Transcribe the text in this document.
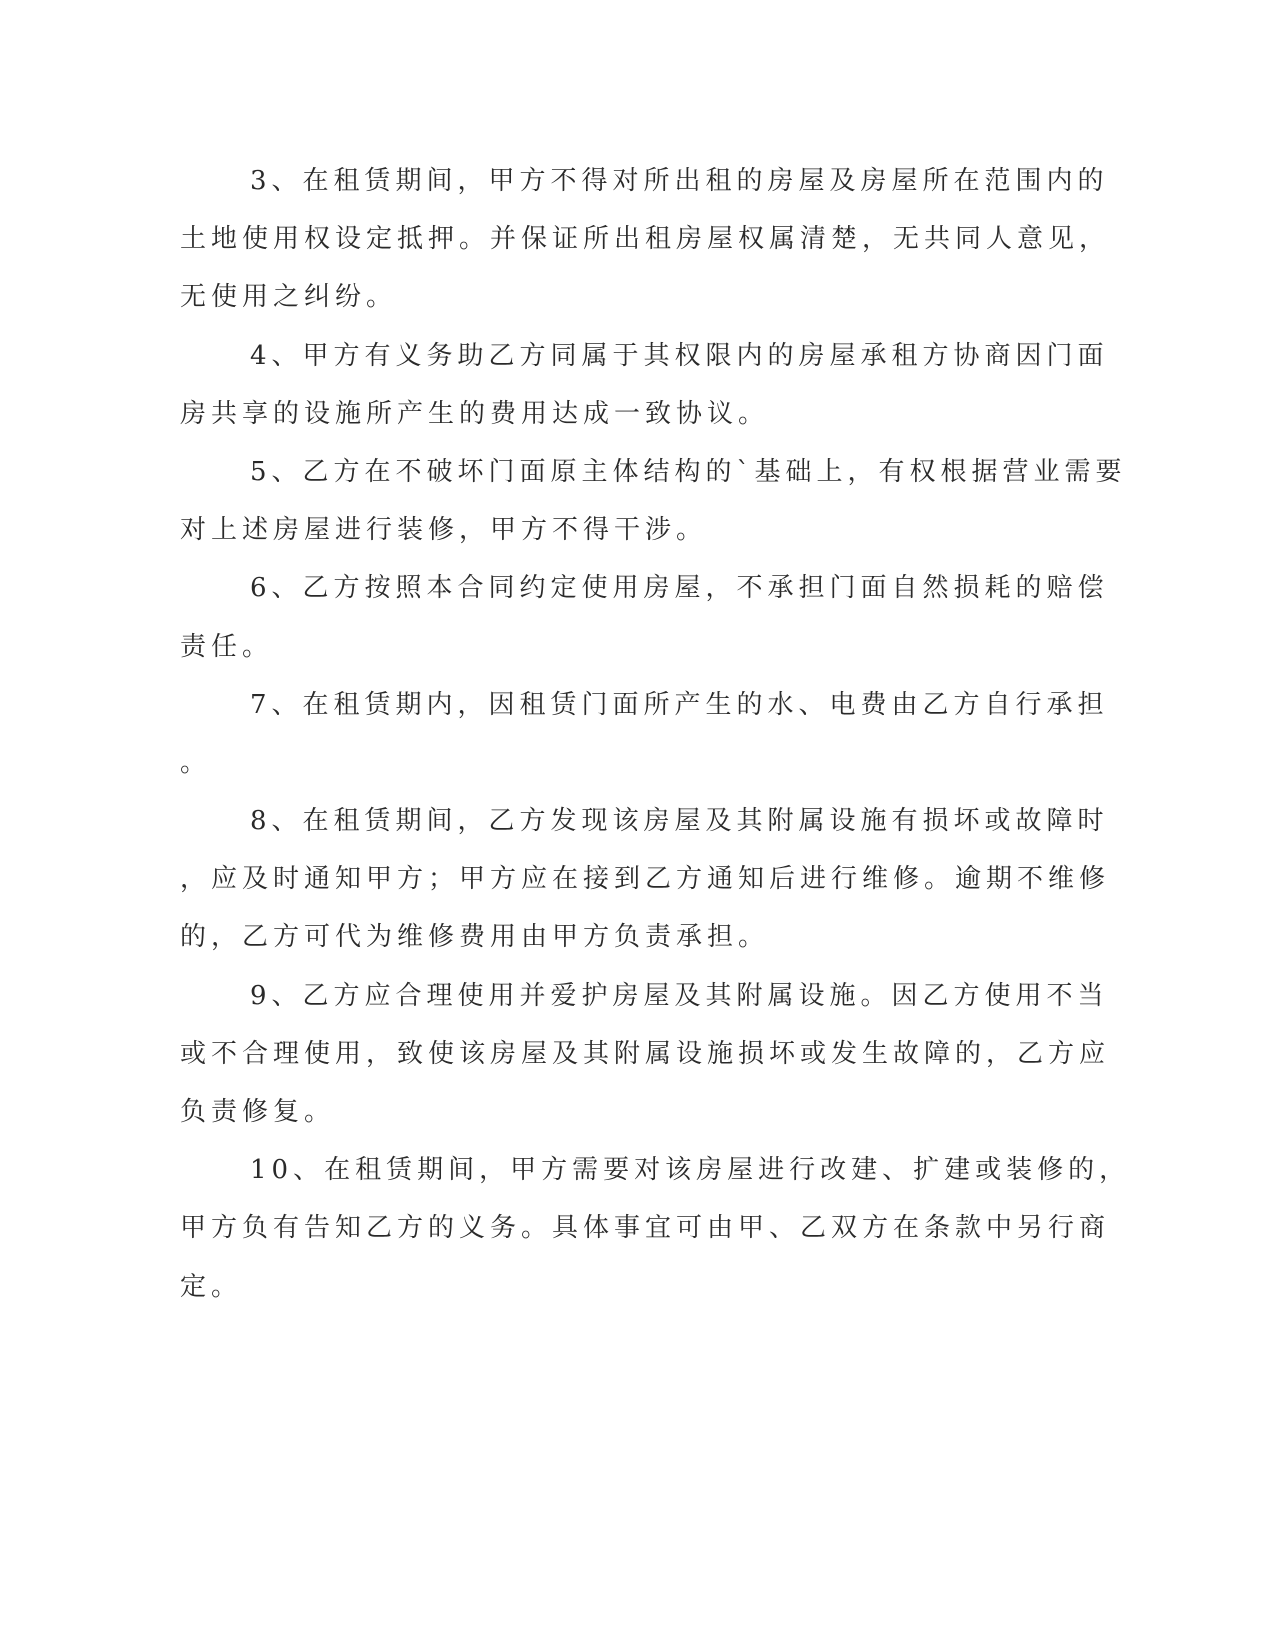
3、在租赁期间，甲方不得对所出租的房屋及房屋所在范围内的
土地使用权设定抵押。并保证所出租房屋权属清楚，无共同人意见，
无使用之纠纷。
4、甲方有义务助乙方同属于其权限内的房屋承租方协商因门面
房共享的设施所产生的费用达成一致协议。
5、乙方在不破坏门面原主体结构的`基础上，有权根据营业需要
对上述房屋进行装修，甲方不得干涉。
6、乙方按照本合同约定使用房屋，不承担门面自然损耗的赔偿
责任。
7、在租赁期内，因租赁门面所产生的水、电费由乙方自行承担
。
8、在租赁期间，乙方发现该房屋及其附属设施有损坏或故障时
，应及时通知甲方；甲方应在接到乙方通知后进行维修。逾期不维修
的，乙方可代为维修费用由甲方负责承担。
9、乙方应合理使用并爱护房屋及其附属设施。因乙方使用不当
或不合理使用，致使该房屋及其附属设施损坏或发生故障的，乙方应
负责修复。
10、在租赁期间，甲方需要对该房屋进行改建、扩建或装修的，
甲方负有告知乙方的义务。具体事宜可由甲、乙双方在条款中另行商
定。
